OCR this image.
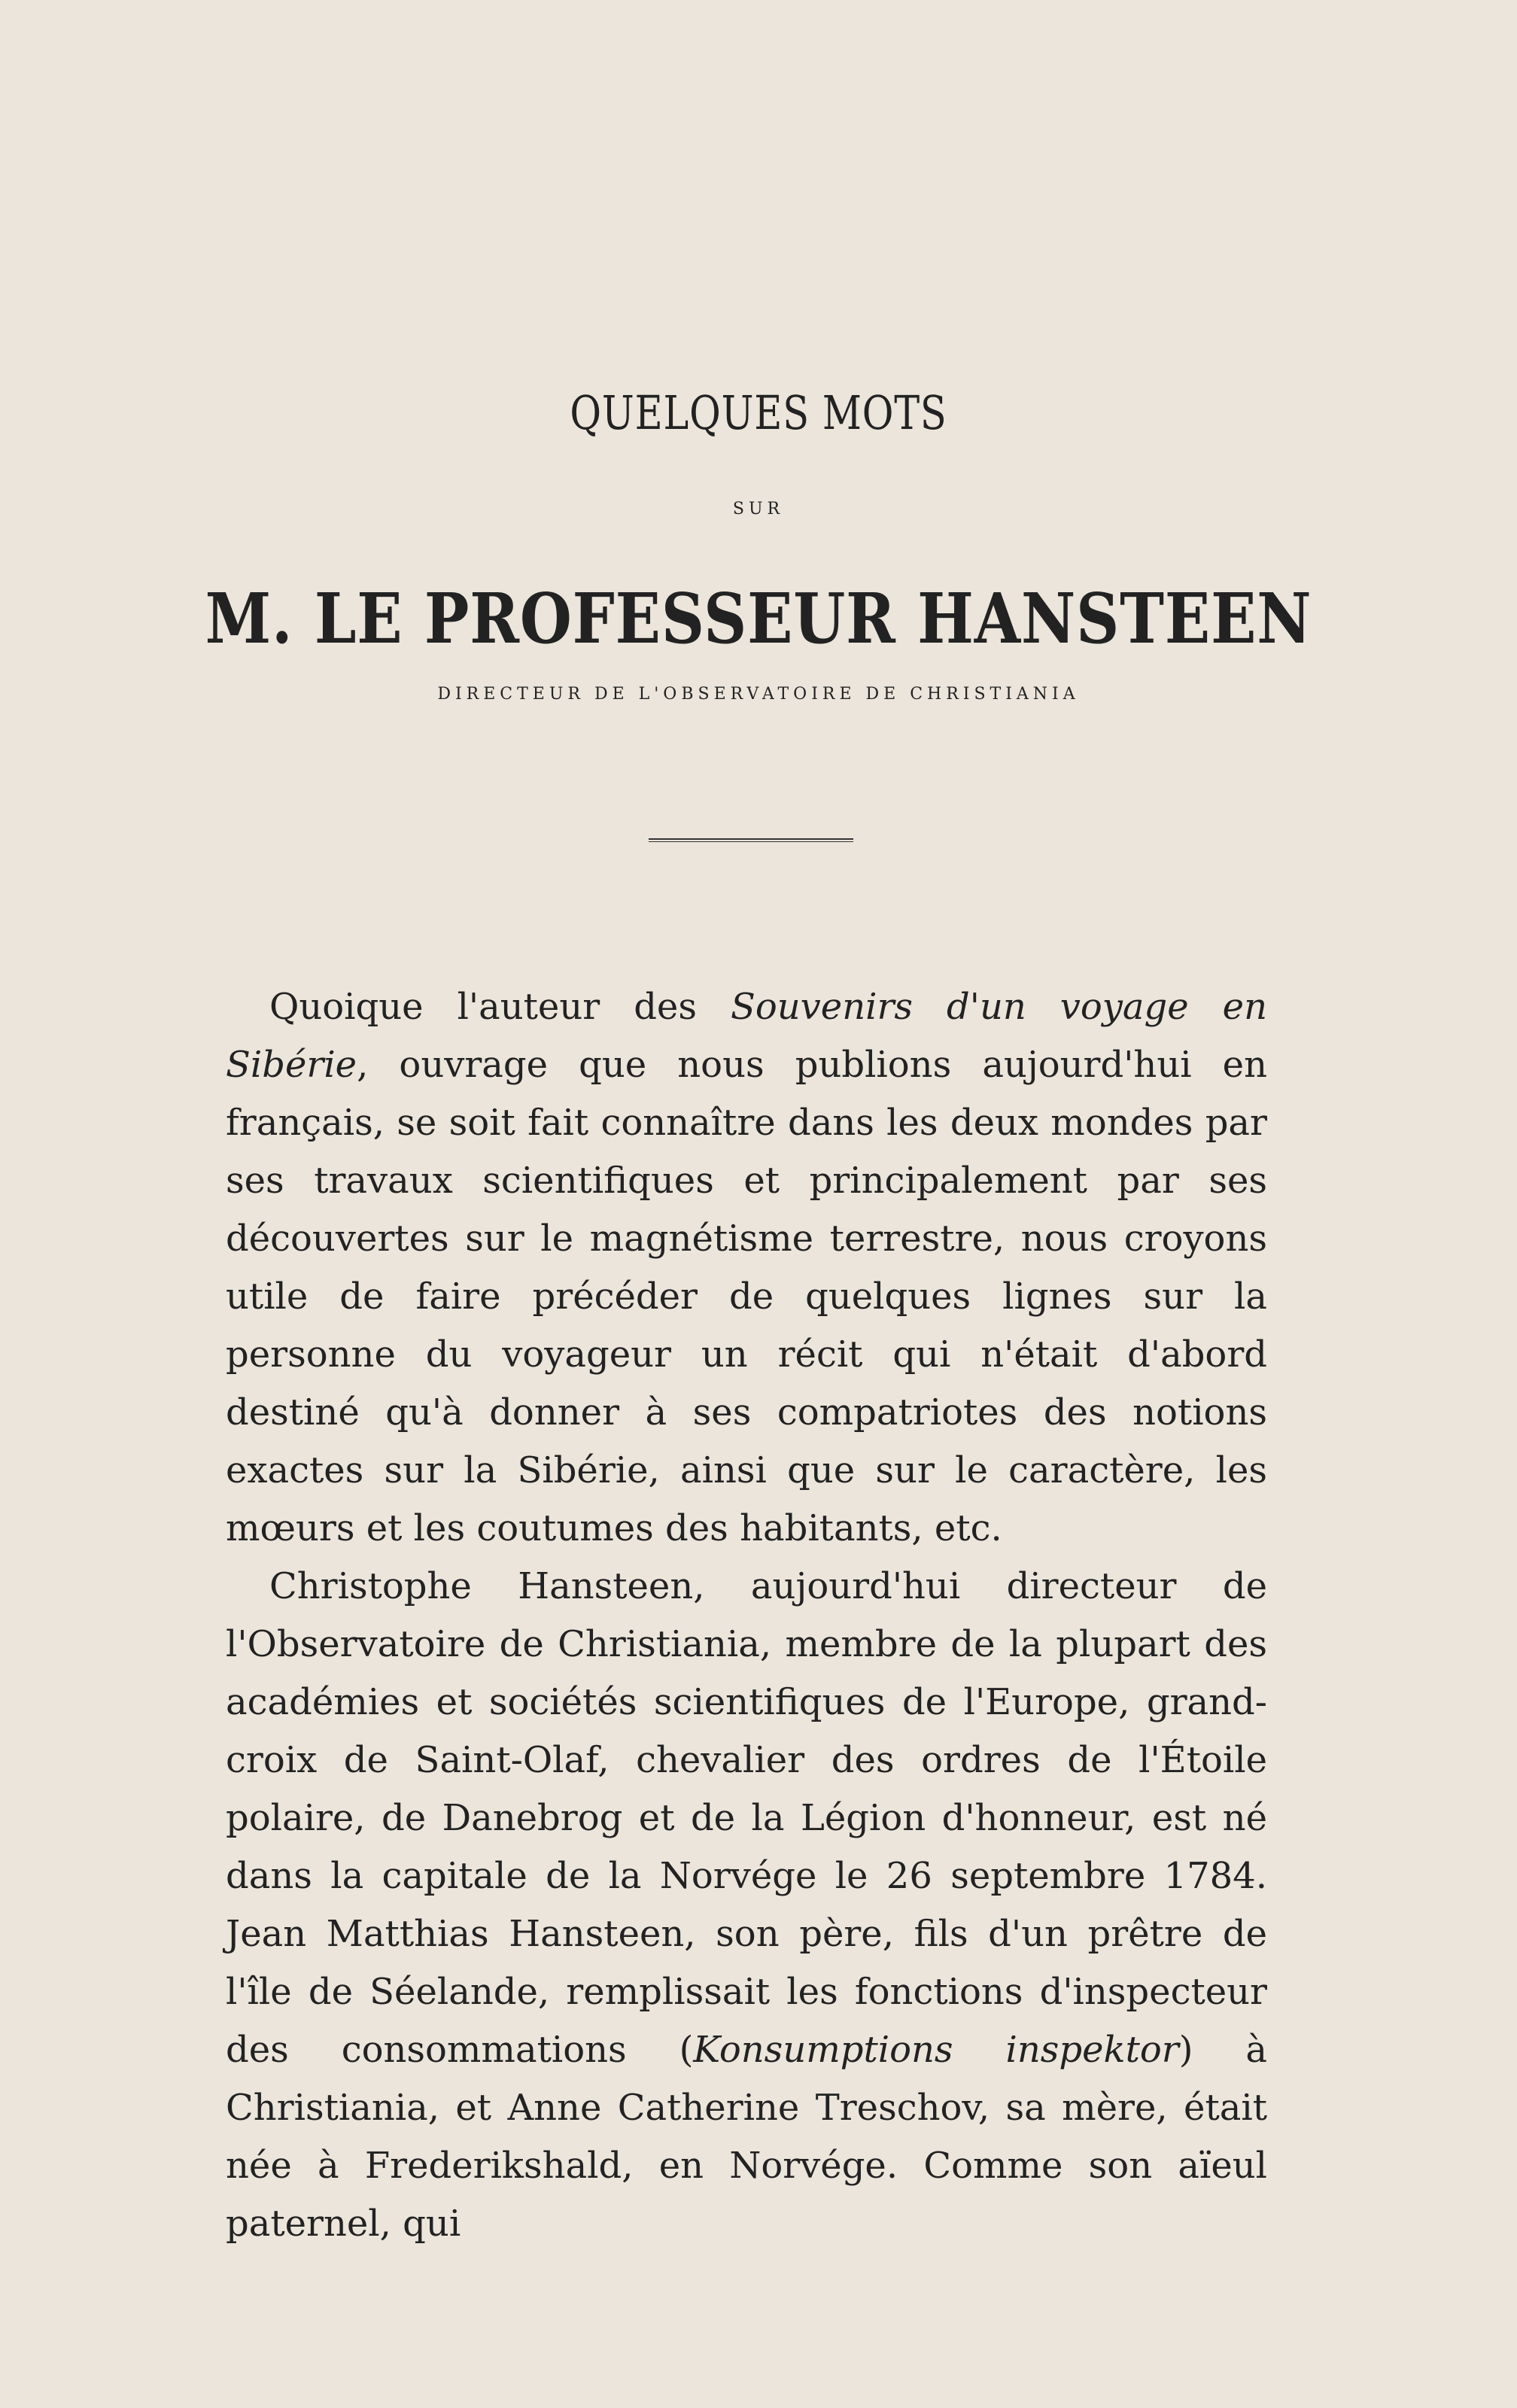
QUELQUES MOTS
SUR
M. LE PROFESSEUR HANSTEEN
DIRECTEUR DE L'OBSERVATOIRE DE CHRISTIANIA

Quoique l'auteur des Souvenirs d'un voyage en Sibérie, ouvrage que nous publions aujourd'hui en français, se soit fait connaître dans les deux mondes par ses travaux scientifiques et principalement par ses découvertes sur le magnétisme terrestre, nous croyons utile de faire précéder de quelques lignes sur la personne du voyageur un récit qui n'était d'abord destiné qu'à donner à ses compatriotes des notions exactes sur la Sibérie, ainsi que sur le caractère, les mœurs et les coutumes des habitants, etc.

Christophe Hansteen, aujourd'hui directeur de l'Observatoire de Christiania, membre de la plupart des académies et sociétés scientifiques de l'Europe, grand-croix de Saint-Olaf, chevalier des ordres de l'Étoile polaire, de Danebrog et de la Légion d'honneur, est né dans la capitale de la Norvége le 26 septembre 1784. Jean Matthias Hansteen, son père, fils d'un prêtre de l'île de Séelande, remplissait les fonctions d'inspecteur des consommations (Konsumptions inspektor) à Christiania, et Anne Catherine Treschov, sa mère, était née à Frederikshald, en Norvége. Comme son aïeul paternel, qui
